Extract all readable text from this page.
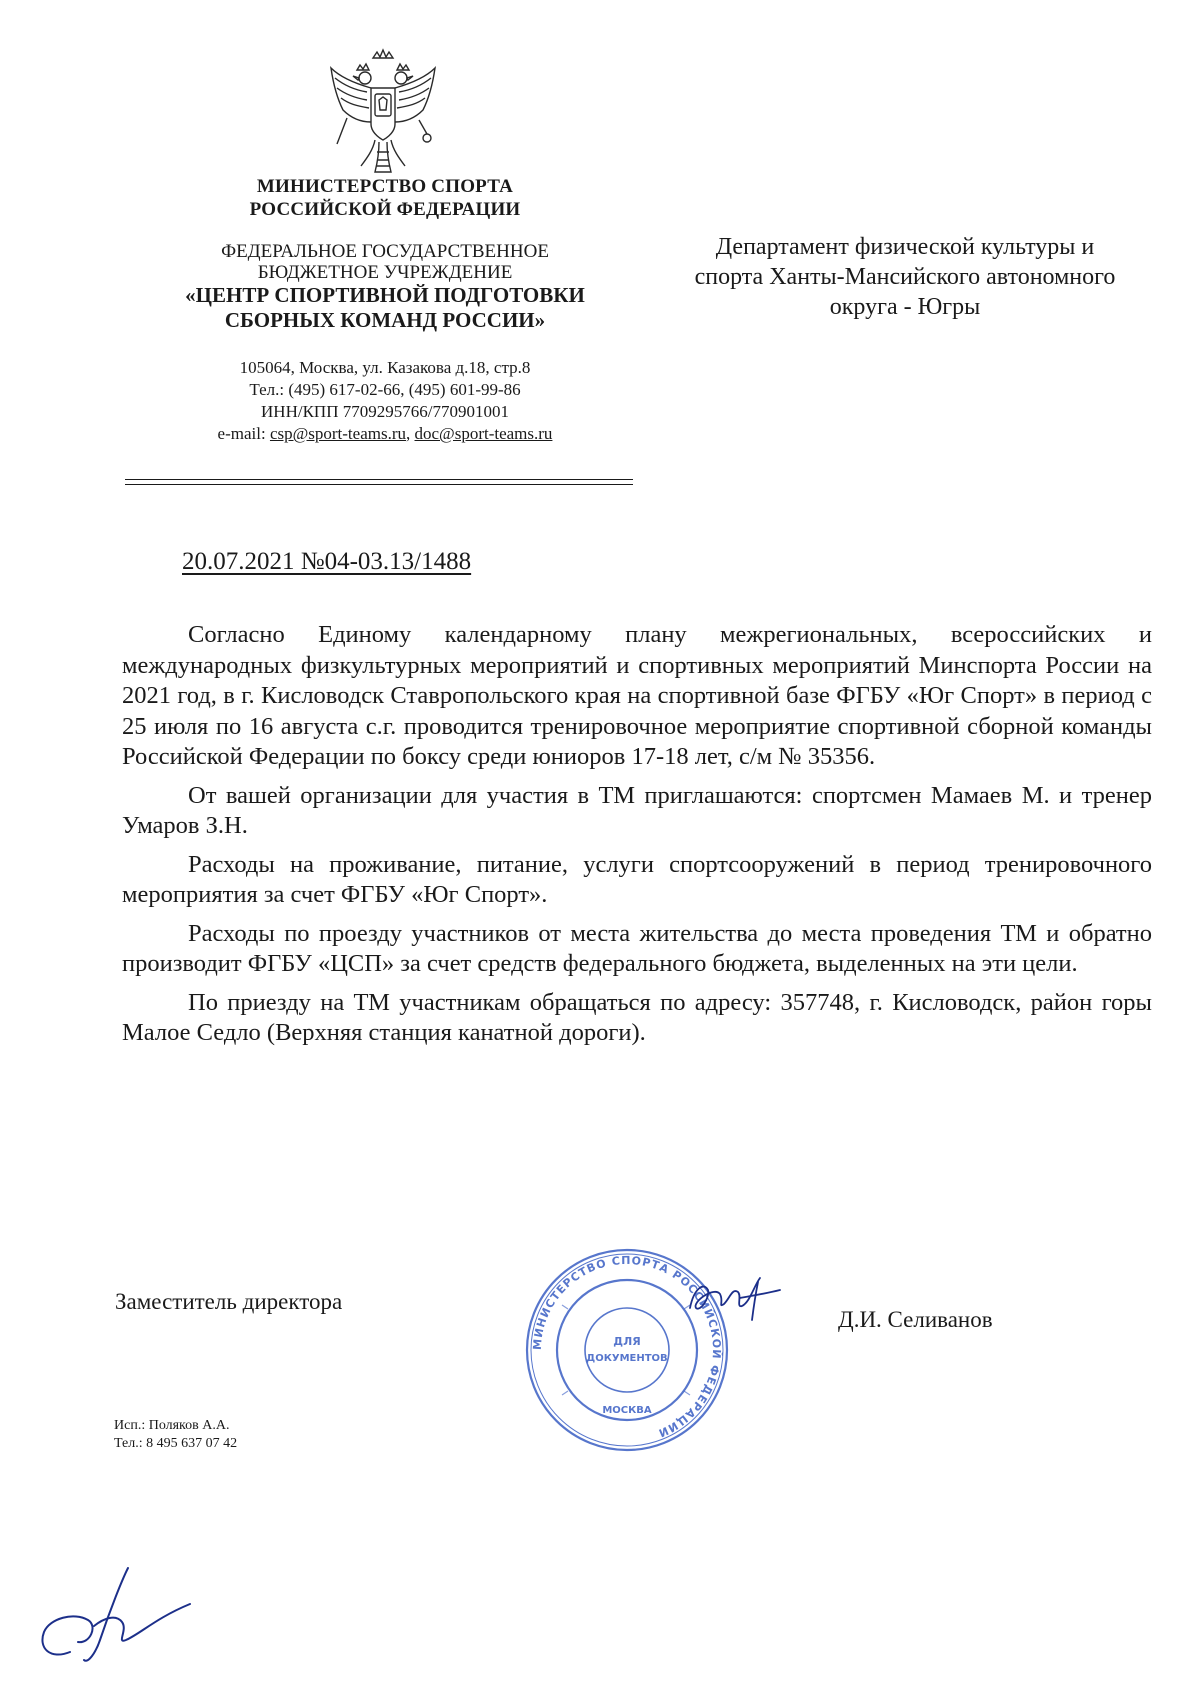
МИНИСТЕРСТВО СПОРТА
РОССИЙСКОЙ ФЕДЕРАЦИИ
ФЕДЕРАЛЬНОЕ ГОСУДАРСТВЕННОЕ
БЮДЖЕТНОЕ УЧРЕЖДЕНИЕ
«ЦЕНТР СПОРТИВНОЙ ПОДГОТОВКИ
СБОРНЫХ КОМАНД РОССИИ»
105064, Москва, ул. Казакова д.18, стр.8
Тел.: (495) 617-02-66, (495) 601-99-86
ИНН/КПП 7709295766/770901001
e-mail: csp@sport-teams.ru, doc@sport-teams.ru
Департамент физической культуры и
спорта Ханты-Мансийского автономного
округа - Югры
20.07.2021 №04-03.13/1488

Согласно Единому календарному плану межрегиональных, всероссийских и международных физкультурных мероприятий и спортивных мероприятий Минспорта России на 2021 год, в г. Кисловодск Ставропольского края на спортивной базе ФГБУ «Юг Спорт» в период с 25 июля по 16 августа с.г. проводится тренировочное мероприятие спортивной сборной команды Российской Федерации по боксу среди юниоров 17-18 лет, с/м № 35356.

От вашей организации для участия в ТМ приглашаются: спортсмен Мамаев М. и тренер Умаров З.Н.

Расходы на проживание, питание, услуги спортсооружений в период тренировочного мероприятия за счет ФГБУ «Юг Спорт».

Расходы по проезду участников от места жительства до места проведения ТМ и обратно производит ФГБУ «ЦСП» за счет средств федерального бюджета, выделенных на эти цели.

По приезду на ТМ участникам обращаться по адресу: 357748, г. Кисловодск, район горы Малое Седло (Верхняя станция канатной дороги).

Заместитель директора
МИНИСТЕРСТВО СПОРТА РОССИЙСКОЙ ФЕДЕРАЦИИ
ДЛЯ
ДОКУМЕНТОВ
МОСКВА
Д.И. Селиванов
Исп.: Поляков А.А.
Тел.: 8 495 637 07 42
